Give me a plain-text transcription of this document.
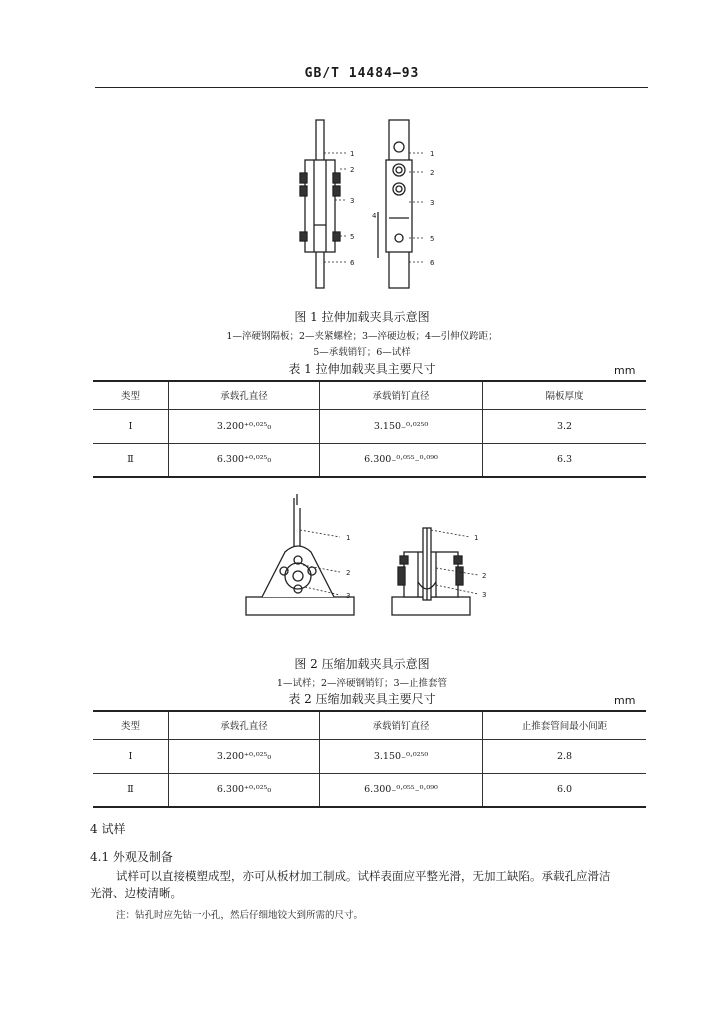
GB/T 14484—93
1
2
3
5
6
1
2
3
4
5
6
图 1 拉伸加载夹具示意图
1—淬硬钢隔板；2—夹紧螺栓；3—淬硬边板；4—引伸仪跨距；
5—承载销钉；6—试样
表 1 拉伸加载夹具主要尺寸	mm
类型	承载孔直径	承载销钉直径	隔板厚度
Ⅰ	3.200⁺⁰·⁰²⁵₀	3.150₋⁰·⁰²⁵⁰	3.2
Ⅱ	6.300⁺⁰·⁰²⁵₀	6.300₋⁰·⁰⁵⁵₋⁰·⁰⁹⁰	6.3
1
2
3
1
2
3
图 2 压缩加载夹具示意图
1—试样；2—淬硬钢销钉；3—止推套管
表 2 压缩加载夹具主要尺寸	mm
类型	承载孔直径	承载销钉直径	止推套管间最小间距
Ⅰ	3.200⁺⁰·⁰²⁵₀	3.150₋⁰·⁰²⁵⁰	2.8
Ⅱ	6.300⁺⁰·⁰²⁵₀	6.300₋⁰·⁰⁵⁵₋⁰·⁰⁹⁰	6.0
4 试样
4.1 外观及制备
试样可以直接模塑成型，亦可从板材加工制成。试样表面应平整光滑，无加工缺陷。承载孔应滑洁
光滑、边棱清晰。
注：钻孔时应先钻一小孔，然后仔细地铰大到所需的尺寸。
